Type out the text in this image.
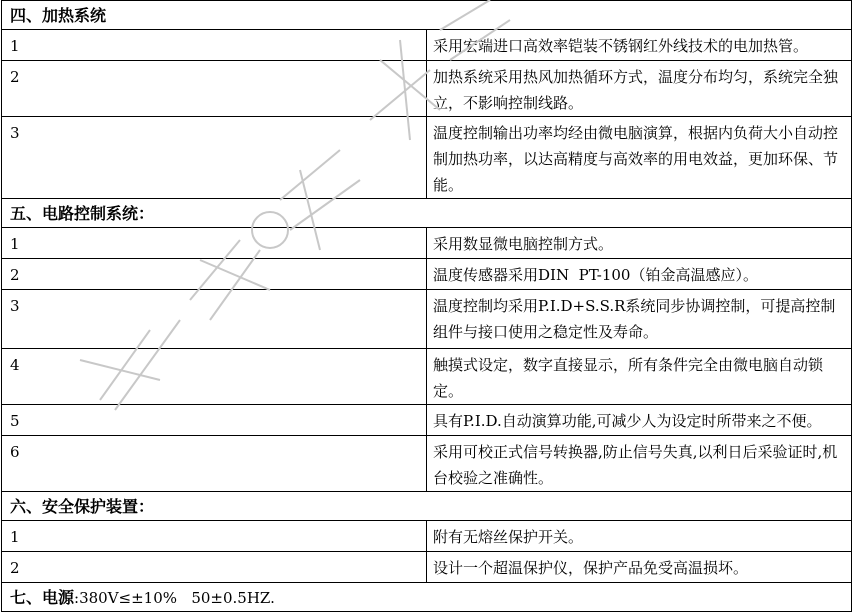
四、加热系统	
1	采用宏端进口高效率铠装不锈钢红外线技术的电加热管。
2	加热系统采用热风加热循环方式，温度分布均匀，系统完全独立，不影响控制线路。
3	温度控制输出功率均经由微电脑演算，根据内负荷大小自动控制加热功率，以达高精度与高效率的用电效益，更加环保、节能。
五、电路控制系统：	
1	采用数显微电脑控制方式。
2	温度传感器采用DIN  PT-100（铂金高温感应）。
3	温度控制均采用P.I.D+S.S.R系统同步协调控制，可提高控制组件与接口使用之稳定性及寿命。
4	触摸式设定，数字直接显示，所有条件完全由微电脑自动锁定。
5	具有P.I.D.自动演算功能,可减少人为设定时所带来之不便。
6	采用可校正式信号转换器,防止信号失真,以利日后采验证时,机台校验之准确性。
六、安全保护装置：	
1	附有无熔丝保护开关。
2	设计一个超温保护仪，保护产品免受高温损坏。
七、电源:380V≤±10%   50±0.5HZ.	
